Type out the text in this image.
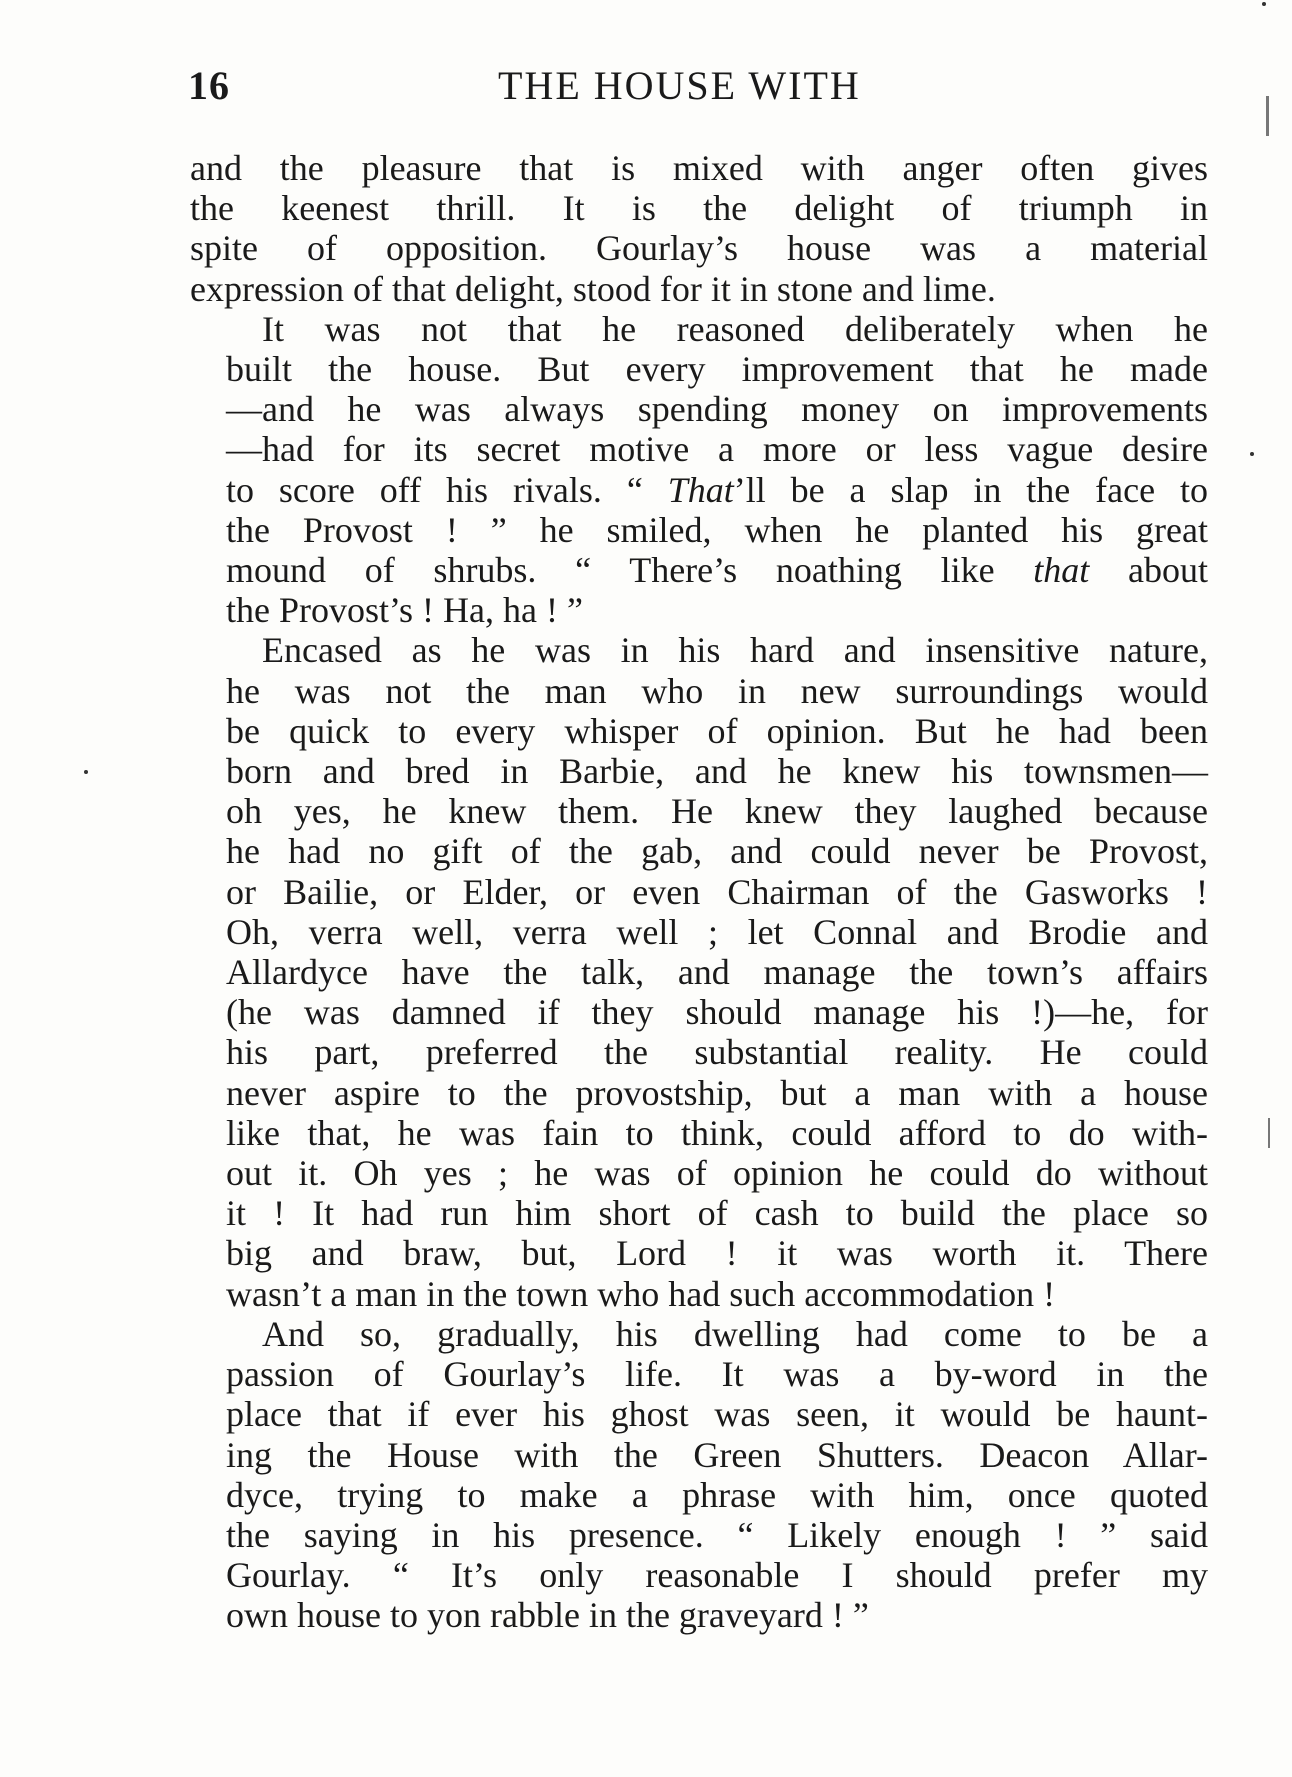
16	THE HOUSE WITH
and the pleasure that is mixed with anger often gives
the keenest thrill. It is the delight of triumph in
spite of opposition. Gourlay’s house was a material
expression of that delight, stood for it in stone and lime.
It was not that he reasoned deliberately when he
built the house. But every improvement that he made
—and he was always spending money on improvements
—had for its secret motive a more or less vague desire
to score off his rivals. “ That’ll be a slap in the face to
the Provost ! ” he smiled, when he planted his great
mound of shrubs. “ There’s noathing like that about
the Provost’s ! Ha, ha ! ”
Encased as he was in his hard and insensitive nature,
he was not the man who in new surroundings would
be quick to every whisper of opinion. But he had been
born and bred in Barbie, and he knew his townsmen—
oh yes, he knew them. He knew they laughed because
he had no gift of the gab, and could never be Provost,
or Bailie, or Elder, or even Chairman of the Gasworks !
Oh, verra well, verra well ; let Connal and Brodie and
Allardyce have the talk, and manage the town’s affairs
(he was damned if they should manage his !)—he, for
his part, preferred the substantial reality. He could
never aspire to the provostship, but a man with a house
like that, he was fain to think, could afford to do with-
out it. Oh yes ; he was of opinion he could do without
it ! It had run him short of cash to build the place so
big and braw, but, Lord ! it was worth it. There
wasn’t a man in the town who had such accommodation !
And so, gradually, his dwelling had come to be a
passion of Gourlay’s life. It was a by-word in the
place that if ever his ghost was seen, it would be haunt-
ing the House with the Green Shutters. Deacon Allar-
dyce, trying to make a phrase with him, once quoted
the saying in his presence. “ Likely enough ! ” said
Gourlay. “ It’s only reasonable I should prefer my
own house to yon rabble in the graveyard ! ”
